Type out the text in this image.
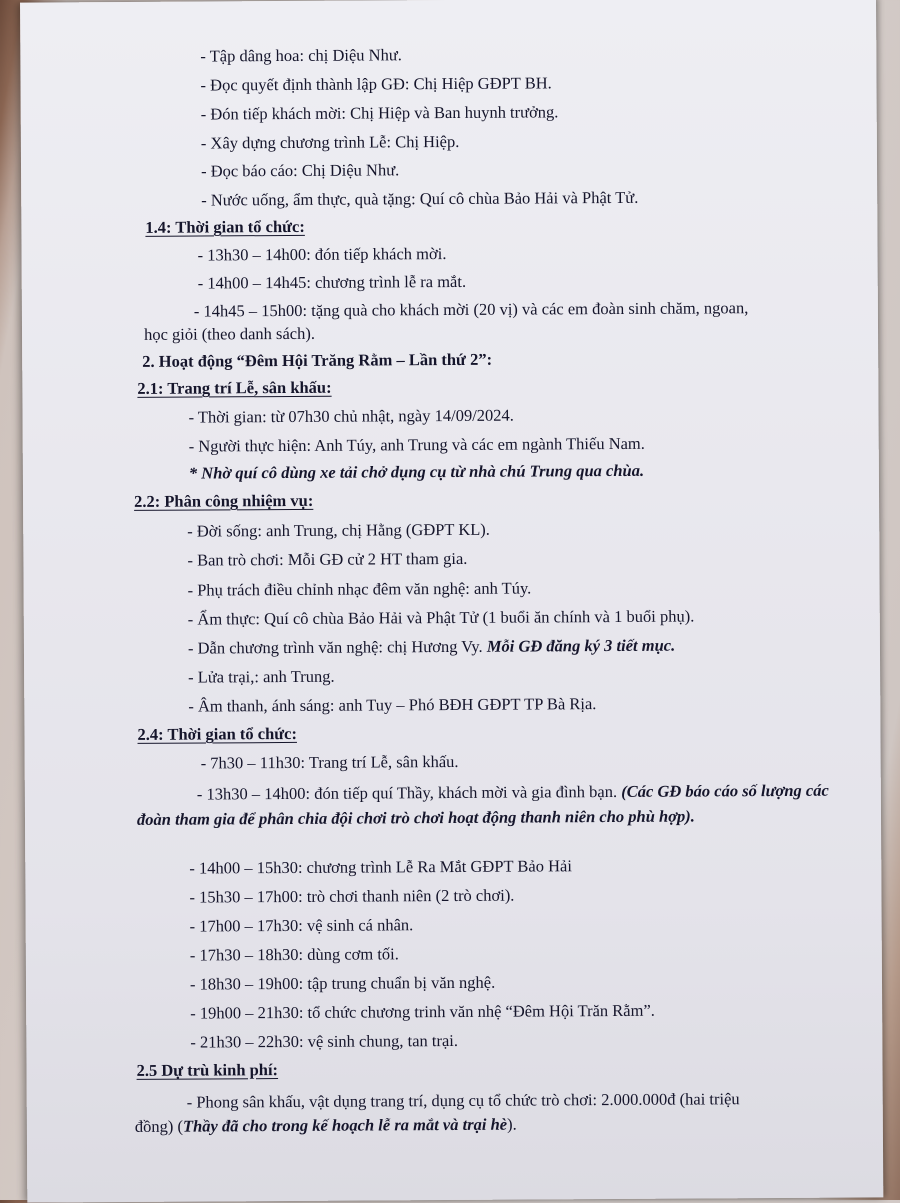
- Tập dâng hoa: chị Diệu Như.
- Đọc quyết định thành lập GĐ: Chị Hiệp GĐPT BH.
- Đón tiếp khách mời: Chị Hiệp và Ban huynh trưởng.
- Xây dựng chương trình Lễ: Chị Hiệp.
- Đọc báo cáo: Chị Diệu Như.
- Nước uống, ẩm thực, quà tặng: Quí cô chùa Bảo Hải và Phật Tử.
1.4: Thời gian tổ chức:
- 13h30 – 14h00: đón tiếp khách mời.
- 14h00 – 14h45: chương trình lễ ra mắt.
- 14h45 – 15h00: tặng quà cho khách mời (20 vị) và các em đoàn sinh chăm, ngoan,
học giỏi (theo danh sách).
2. Hoạt động “Đêm Hội Trăng Rằm – Lần thứ 2”:
2.1: Trang trí Lễ, sân khấu:
- Thời gian: từ 07h30 chủ nhật, ngày 14/09/2024.
- Người thực hiện: Anh Túy, anh Trung và các em ngành Thiếu Nam.
* Nhờ quí cô dùng xe tải chở dụng cụ từ nhà chú Trung qua chùa.
2.2: Phân công nhiệm vụ:
- Đời sống: anh Trung, chị Hằng (GĐPT KL).
- Ban trò chơi: Mỗi GĐ cử 2 HT tham gia.
- Phụ trách điều chỉnh nhạc đêm văn nghệ: anh Túy.
- Ẩm thực: Quí cô chùa Bảo Hải và Phật Tử (1 buổi ăn chính và 1 buổi phụ).
- Dẫn chương trình văn nghệ: chị Hương Vy. Mỗi GĐ đăng ký 3 tiết mục.
- Lửa trại,: anh Trung.
- Âm thanh, ánh sáng: anh Tuy – Phó BĐH GĐPT TP Bà Rịa.
2.4: Thời gian tổ chức:
- 7h30 – 11h30: Trang trí Lễ, sân khấu.
- 13h30 – 14h00: đón tiếp quí Thầy, khách mời và gia đình bạn. (Các GĐ báo cáo số lượng các đoàn tham gia để phân chia đội chơi trò chơi hoạt động thanh niên cho phù hợp).
- 14h00 – 15h30: chương trình Lễ Ra Mắt GĐPT Bảo Hải
- 15h30 – 17h00: trò chơi thanh niên (2 trò chơi).
- 17h00 – 17h30: vệ sinh cá nhân.
- 17h30 – 18h30: dùng cơm tối.
- 18h30 – 19h00: tập trung chuẩn bị văn nghệ.
- 19h00 – 21h30: tổ chức chương trinh văn nhệ “Đêm Hội Trăn Rằm”.
- 21h30 – 22h30: vệ sinh chung, tan trại.
2.5 Dự trù kinh phí:
- Phong sân khấu, vật dụng trang trí, dụng cụ tổ chức trò chơi: 2.000.000đ (hai triệu
đồng) (Thầy đã cho trong kế hoạch lễ ra mắt và trại hè).
